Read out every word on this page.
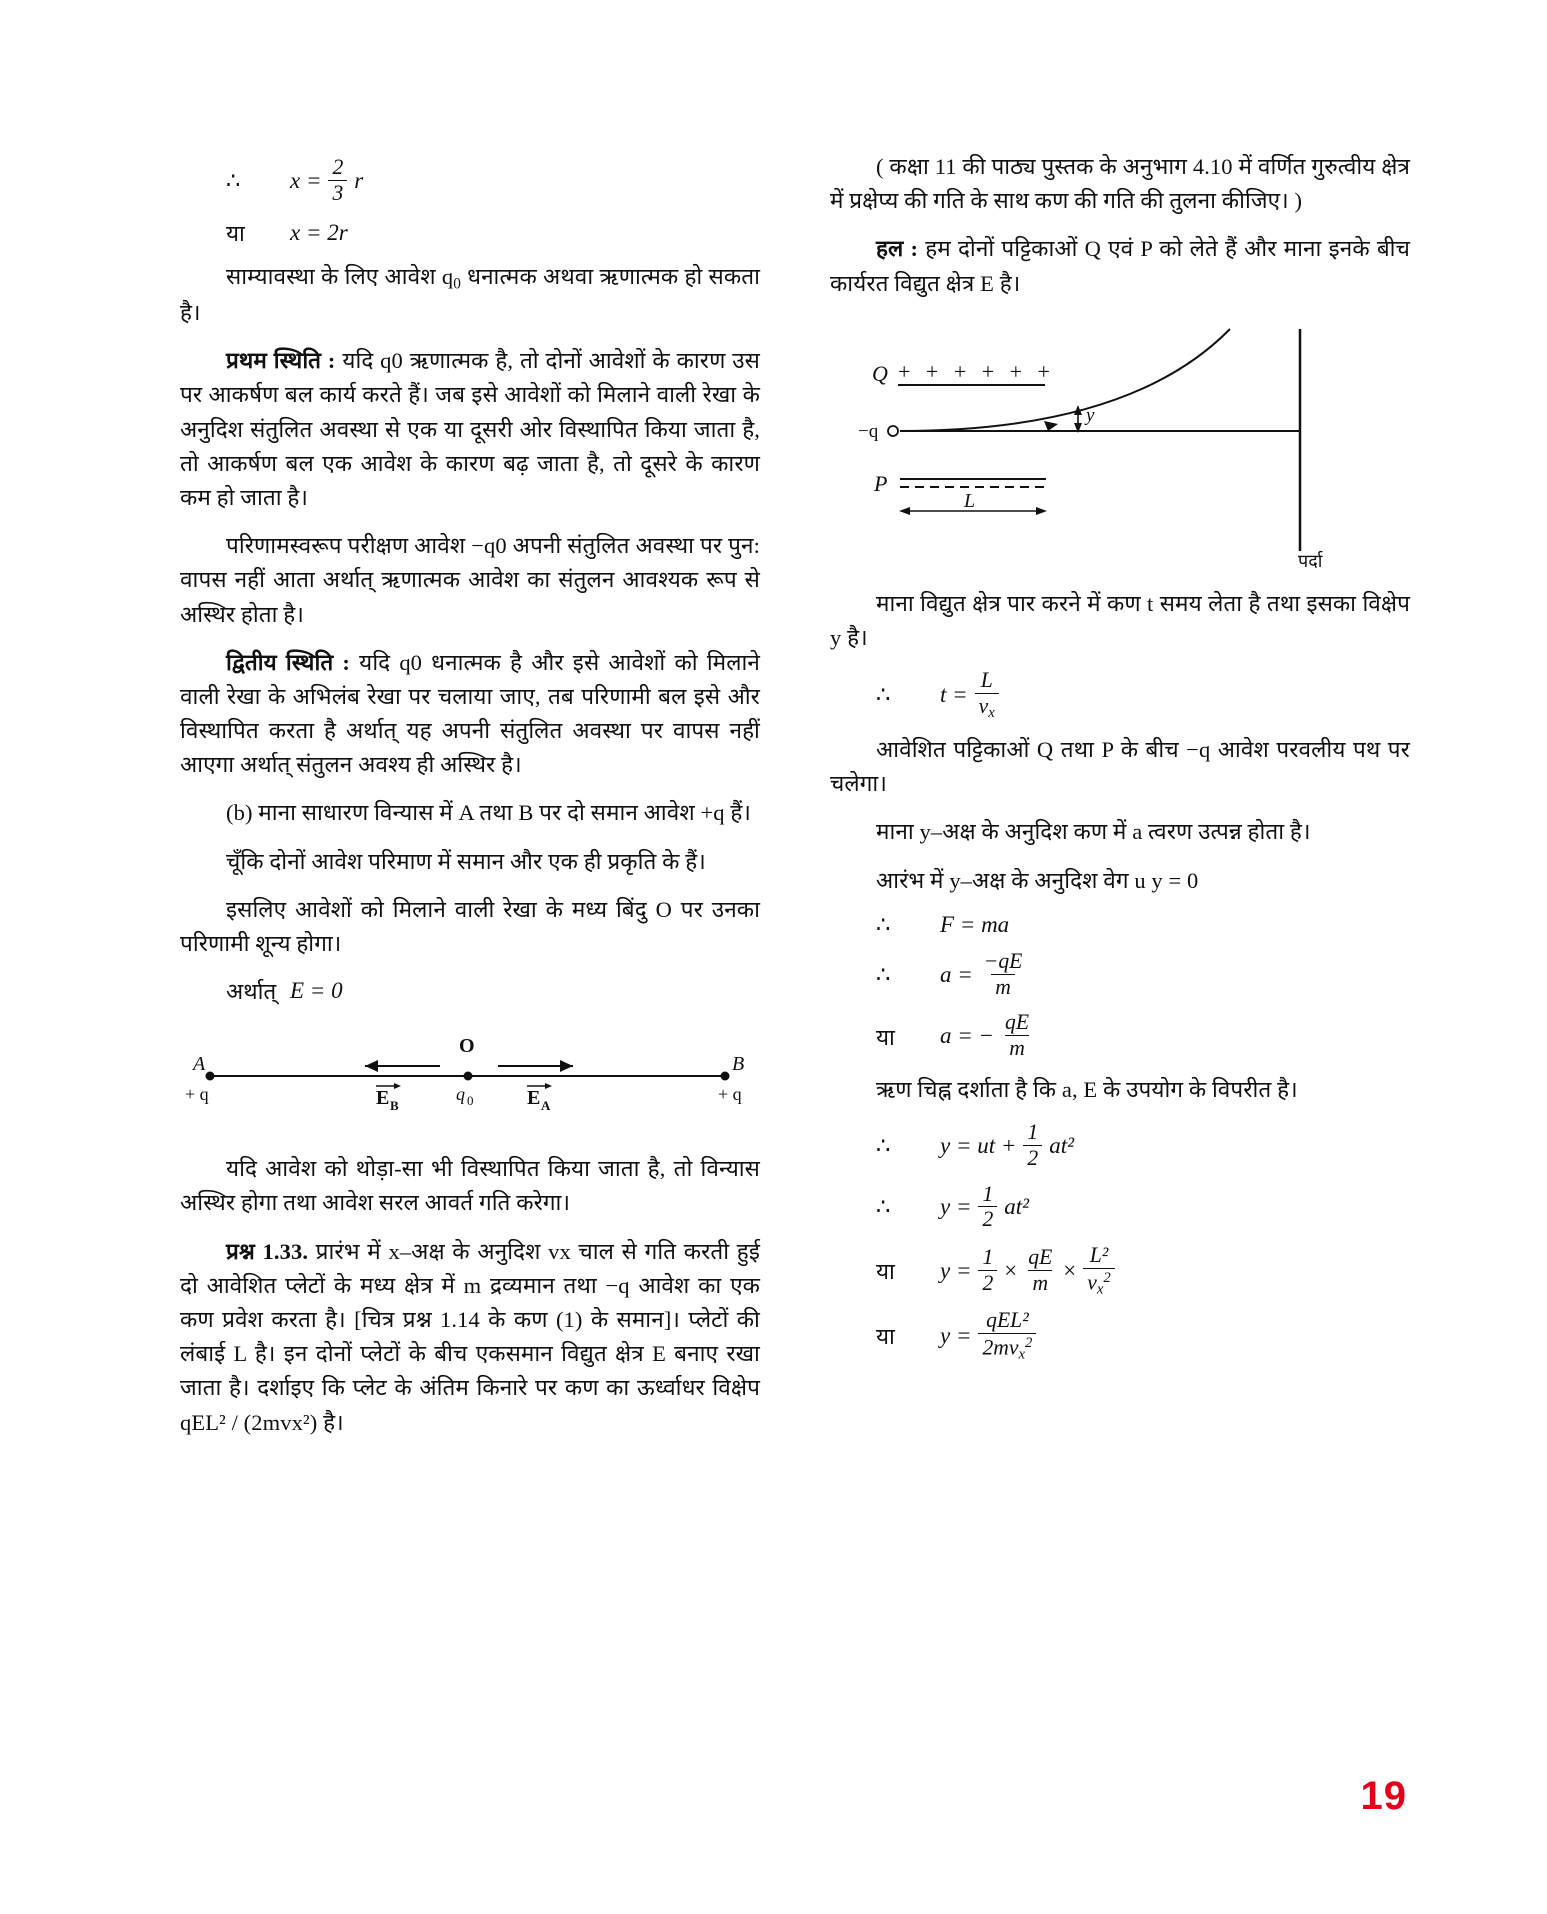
∴	$x = \frac{2}{3}$ r
या	x = 2r

साम्यावस्था के लिए आवेश $q_0$ धनात्मक अथवा ऋणात्मक हो सकता है।

प्रथम स्थिति : यदि q0 ऋणात्मक है, तो दोनों आवेशों के कारण उस पर आकर्षण बल कार्य करते हैं। जब इसे आवेशों को मिलाने वाली रेखा के अनुदिश संतुलित अवस्था से एक या दूसरी ओर विस्थापित किया जाता है, तो आकर्षण बल एक आवेश के कारण बढ़ जाता है, तो दूसरे के कारण कम हो जाता है।

परिणामस्वरूप परीक्षण आवेश −q0 अपनी संतुलित अवस्था पर पुन: वापस नहीं आता अर्थात् ऋणात्मक आवेश का संतुलन आवश्यक रूप से अस्थिर होता है।

द्वितीय स्थिति : यदि q0 धनात्मक है और इसे आवेशों को मिलाने वाली रेखा के अभिलंब रेखा पर चलाया जाए, तब परिणामी बल इसे और विस्थापित करता है अर्थात् यह अपनी संतुलित अवस्था पर वापस नहीं आएगा अर्थात् संतुलन अवश्य ही अस्थिर है।

(b) माना साधारण विन्यास में A तथा B पर दो समान आवेश +q हैं।

चूँकि दोनों आवेश परिमाण में समान और एक ही प्रकृति के हैं।

इसलिए आवेशों को मिलाने वाली रेखा के मध्य बिंदु O पर उनका परिणामी शून्य होगा।

अर्थात् E = 0
A
+ q
B
+ q
O
q 0
E B	E A

यदि आवेश को थोड़ा-सा भी विस्थापित किया जाता है, तो विन्यास अस्थिर होगा तथा आवेश सरल आवर्त गति करेगा।

प्रश्न 1.33. प्रारंभ में x–अक्ष के अनुदिश vx चाल से गति करती हुई दो आवेशित प्लेटों के मध्य क्षेत्र में m द्रव्यमान तथा −q आवेश का एक कण प्रवेश करता है। [चित्र प्रश्न 1.14 के कण (1) के समान]। प्लेटों की लंबाई L है। इन दोनों प्लेटों के बीच एकसमान विद्युत क्षेत्र E बनाए रखा जाता है। दर्शाइए कि प्लेट के अंतिम किनारे पर कण का ऊर्ध्वाधर विक्षेप qEL² / (2mvx²) है।

( कक्षा 11 की पाठ्य पुस्तक के अनुभाग 4.10 में वर्णित गुरुत्वीय क्षेत्र में प्रक्षेप्य की गति के साथ कण की गति की तुलना कीजिए। )

हल : हम दोनों पट्टिकाओं Q एवं P को लेते हैं और माना इनके बीच कार्यरत विद्युत क्षेत्र E है।

पर्दा
Q + + + + + +
P
−q
y
L

माना विद्युत क्षेत्र पार करने में कण t समय लेता है तथा इसका विक्षेप y है।

∴	$t = \frac{L}{v_x}$

आवेशित पट्टिकाओं Q तथा P के बीच −q आवेश परवलीय पथ पर चलेगा।

माना y–अक्ष के अनुदिश कण में a त्वरण उत्पन्न होता है।

आरंभ में y–अक्ष के अनुदिश वेग u y = 0

∴	F = ma
∴	$a = \frac{-qE}{m}$
या	a = − $\frac{qE}{m}$

ऋण चिह्न दर्शाता है कि a, E के उपयोग के विपरीत है।

∴	y = ut + $\frac{1}{2} at^2$
∴	$y = \frac{1}{2} at^2$
या	$y = \frac{1}{2} \times \frac{qE}{m} \times \frac{\text{L²}}{v_x^2}$
या	$y = \frac{\text{qEL²}}{2mv_x^2}$
19
